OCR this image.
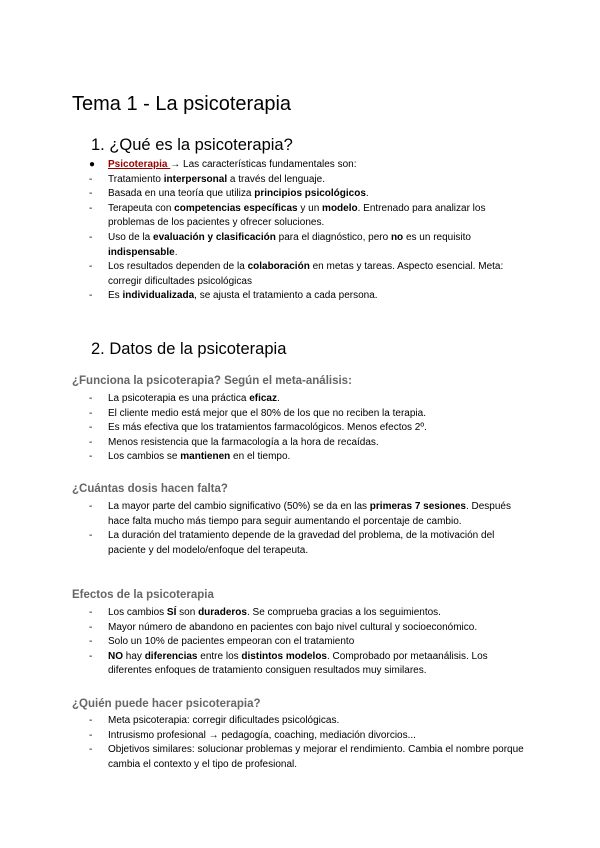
Tema 1 - La psicoterapia
1. ¿Qué es la psicoterapia?
● Psicoterapia → Las características fundamentales son:
- Tratamiento interpersonal a través del lenguaje.
- Basada en una teoría que utiliza principios psicológicos.
- Terapeuta con competencias específicas y un modelo. Entrenado para analizar los problemas de los pacientes y ofrecer soluciones.
- Uso de la evaluación y clasificación para el diagnóstico, pero no es un requisito indispensable.
- Los resultados dependen de la colaboración en metas y tareas. Aspecto esencial. Meta: corregir dificultades psicológicas
- Es individualizada, se ajusta el tratamiento a cada persona.
2. Datos de la psicoterapia
¿Funciona la psicoterapia? Según el meta-análisis:
- La psicoterapia es una práctica eficaz.
- El cliente medio está mejor que el 80% de los que no reciben la terapia.
- Es más efectiva que los tratamientos farmacológicos. Menos efectos 2º.
- Menos resistencia que la farmacología a la hora de recaídas.
- Los cambios se mantienen en el tiempo.
¿Cuántas dosis hacen falta?
- La mayor parte del cambio significativo (50%) se da en las primeras 7 sesiones. Después hace falta mucho más tiempo para seguir aumentando el porcentaje de cambio.
- La duración del tratamiento depende de la gravedad del problema, de la motivación del paciente y del modelo/enfoque del terapeuta.
Efectos de la psicoterapia
- Los cambios SÍ son duraderos. Se comprueba gracias a los seguimientos.
- Mayor número de abandono en pacientes con bajo nivel cultural y socioeconómico.
- Solo un 10% de pacientes empeoran con el tratamiento
- NO hay diferencias entre los distintos modelos. Comprobado por metaanálisis. Los diferentes enfoques de tratamiento consiguen resultados muy similares.
¿Quién puede hacer psicoterapia?
- Meta psicoterapia: corregir dificultades psicológicas.
- Intrusismo profesional → pedagogía, coaching, mediación divorcios...
- Objetivos similares: solucionar problemas y mejorar el rendimiento. Cambia el nombre porque cambia el contexto y el tipo de profesional.
